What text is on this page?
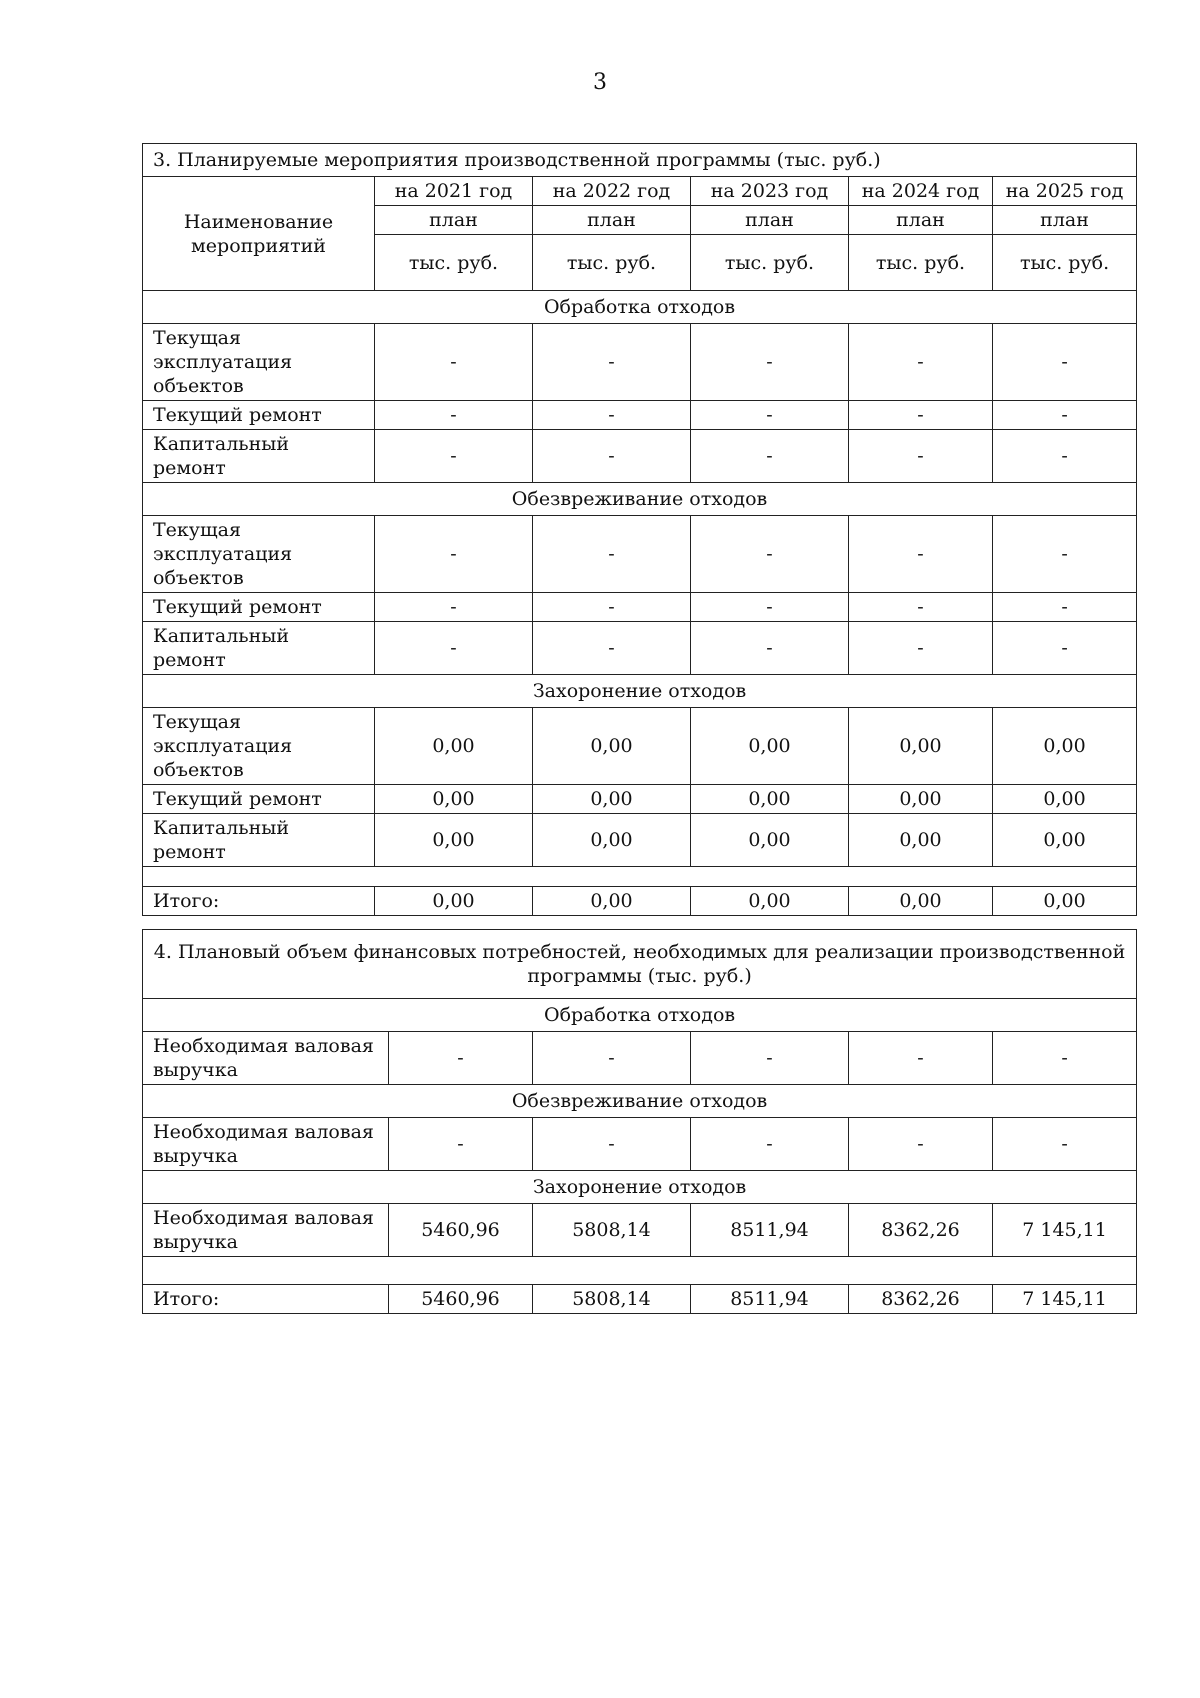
3
3. Планируемые мероприятия производственной программы (тыс. руб.)					
Наименование мероприятий	на 2021 год	на 2022 год	на 2023 год	на 2024 год	на 2025 год
	план	план	план	план	план
	тыс. руб.	тыс. руб.	тыс. руб.	тыс. руб.	тыс. руб.
Обработка отходов					
Текущая эксплуатация объектов	-	-	-	-	-
Текущий ремонт	-	-	-	-	-
Капитальный ремонт	-	-	-	-	-
Обезвреживание отходов					
Текущая эксплуатация объектов	-	-	-	-	-
Текущий ремонт	-	-	-	-	-
Капитальный ремонт	-	-	-	-	-
Захоронение отходов					
Текущая эксплуатация объектов	0,00	0,00	0,00	0,00	0,00
Текущий ремонт	0,00	0,00	0,00	0,00	0,00
Капитальный ремонт	0,00	0,00	0,00	0,00	0,00

Итого:	0,00	0,00	0,00	0,00	0,00
4. Плановый объем финансовых потребностей, необходимых для реализации производственной программы (тыс. руб.)					
Обработка отходов					
Необходимая валовая выручка	-	-	-	-	-
Обезвреживание отходов					
Необходимая валовая выручка	-	-	-	-	-
Захоронение отходов					
Необходимая валовая выручка	5460,96	5808,14	8511,94	8362,26	7 145,11

Итого:	5460,96	5808,14	8511,94	8362,26	7 145,11
